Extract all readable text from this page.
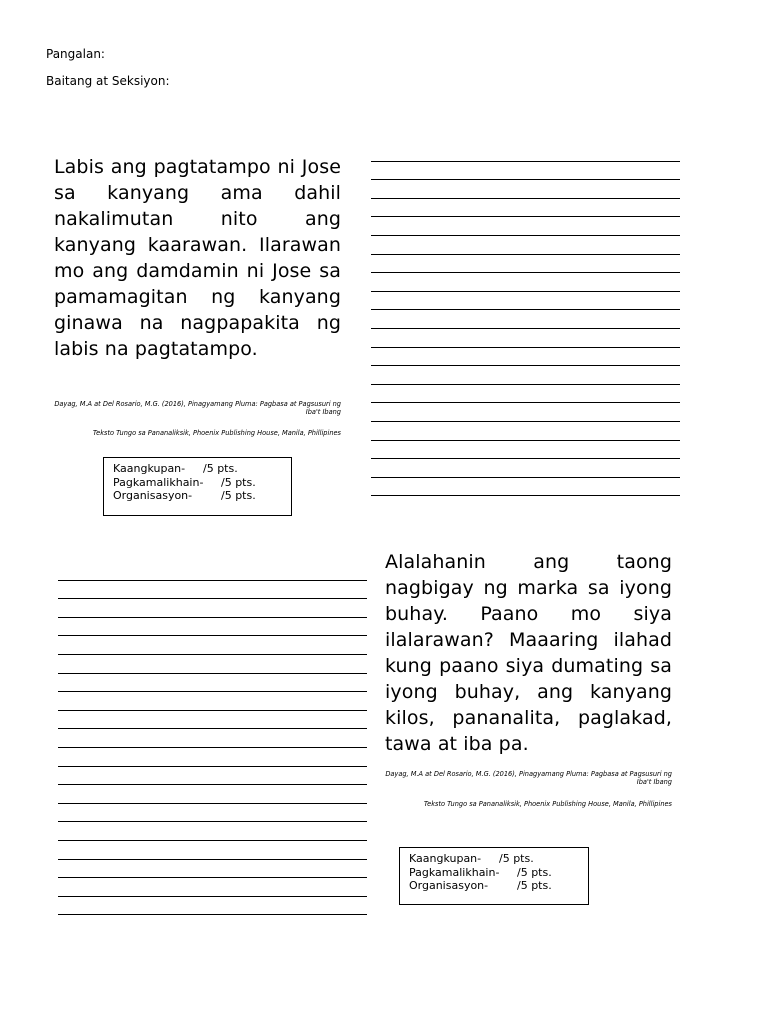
Pangalan:
Baitang at Seksiyon:

Labis ang pagtatampo ni Jose sa kanyang ama dahil nakalimutan nito ang kanyang kaarawan. Ilarawan mo ang damdamin ni Jose sa pamamagitan ng kanyang ginawa na nagpapakita ng labis na pagtatampo.

Dayag, M.A at Del Rosario, M.G. (2016), Pinagyamang Pluma: Pagbasa at Pagsusuri ng Iba't Ibang
Teksto Tungo sa Pananaliksik, Phoenix Publishing House, Manila, Phillipines
Kaangkupan-	/5 pts.
Pagkamalikhain-	/5 pts.
Organisasyon-	/5 pts.

Alalahanin ang taong nagbigay ng marka sa iyong buhay. Paano mo siya ilalarawan? Maaaring ilahad kung paano siya dumating sa iyong buhay, ang kanyang kilos, pananalita, paglakad, tawa at iba pa.

Dayag, M.A at Del Rosario, M.G. (2016), Pinagyamang Pluma: Pagbasa at Pagsusuri ng Iba't Ibang
Teksto Tungo sa Pananaliksik, Phoenix Publishing House, Manila, Phillipines
Kaangkupan-	/5 pts.
Pagkamalikhain-	/5 pts.
Organisasyon-	/5 pts.
